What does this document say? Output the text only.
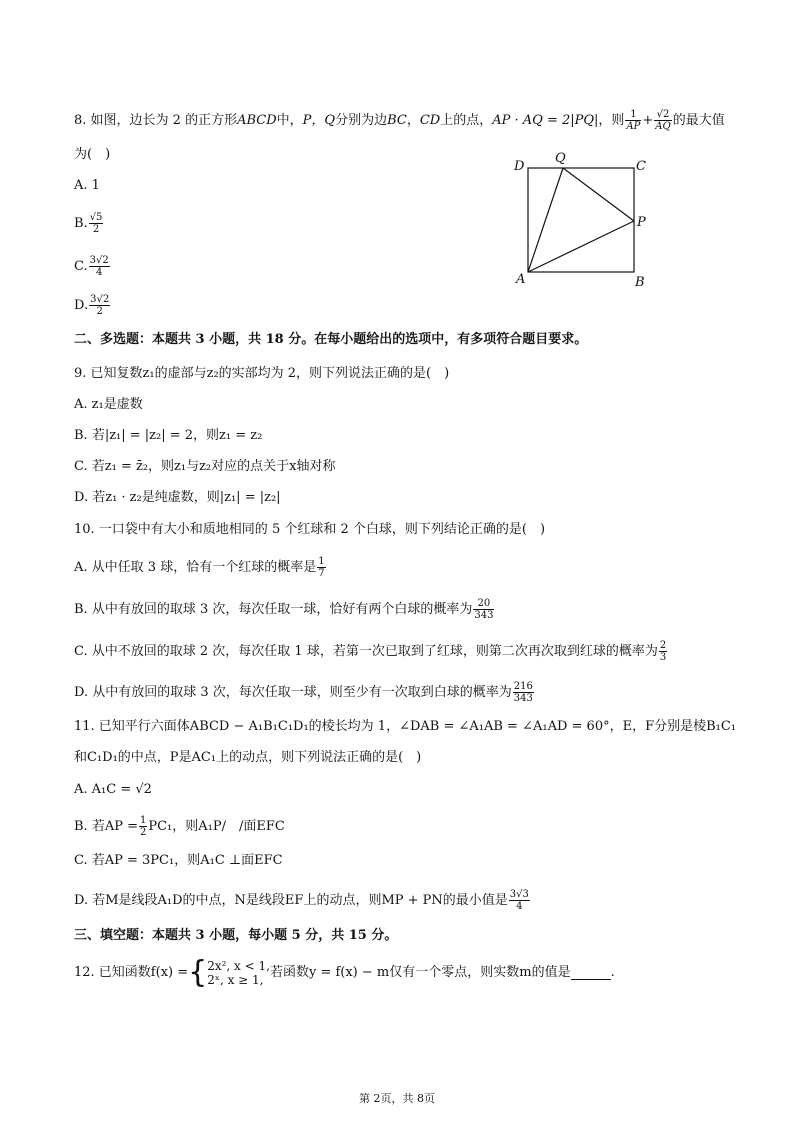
8. 如图，边长为 2 的正方形ABCD中，P，Q分别为边BC，CD上的点，AP · AQ = 2|PQ|，则 $\frac{1}{AP} + \frac{√2}{AQ}$ 的最大值
为(　)
A. 1
B. $\frac{√5}{2}$
C. $\frac{3√2}{4}$
D. $\frac{3√2}{2}$
D
Q
C
P
A	B
二、多选题：本题共 3 小题，共 18 分。在每小题给出的选项中，有多项符合题目要求。
9. 已知复数z₁的虚部与z₂的实部均为 2，则下列说法正确的是(　)
A. z₁是虚数
B. 若|z₁| = |z₂| = 2，则z₁ = z₂
C. 若z₁ = z̄₂，则z₁与z₂对应的点关于x轴对称
D. 若z₁ · z₂是纯虚数，则|z₁| = |z₂|
10. 一口袋中有大小和质地相同的 5 个红球和 2 个白球，则下列结论正确的是(　)
A. 从中任取 3 球，恰有一个红球的概率是 $\frac{1}{7}$
B. 从中有放回的取球 3 次，每次任取一球，恰好有两个白球的概率为 $\frac{20}{343}$
C. 从中不放回的取球 2 次，每次任取 1 球，若第一次已取到了红球，则第二次再次取到红球的概率为 $\frac{2}{3}$
D. 从中有放回的取球 3 次，每次任取一球，则至少有一次取到白球的概率为 $\frac{216}{343}$
11. 已知平行六面体ABCD − A₁B₁C₁D₁的棱长均为 1，∠DAB = ∠A₁AB = ∠A₁AD = 60°，E，F分别是棱B₁C₁
和C₁D₁的中点，P是AC₁上的动点，则下列说法正确的是(　)
A. A₁C = √2
B. 若AP = $\frac{1}{2} PC_1$，则A₁P/　/面EFC
C. 若AP = 3PC₁，则A₁C ⊥面EFC
D. 若M是线段A₁D的中点，N是线段EF上的动点，则MP + PN的最小值是 $\frac{3√3}{4}$
三、填空题：本题共 3 小题，每小题 5 分，共 15 分。
12. 已知函数f(x) ={ 2x², x < 1,
2ˣ, x ≥ 1, 若函数y = f(x) − m仅有一个零点，则实数m的值是	.
第 2页，共 8页
